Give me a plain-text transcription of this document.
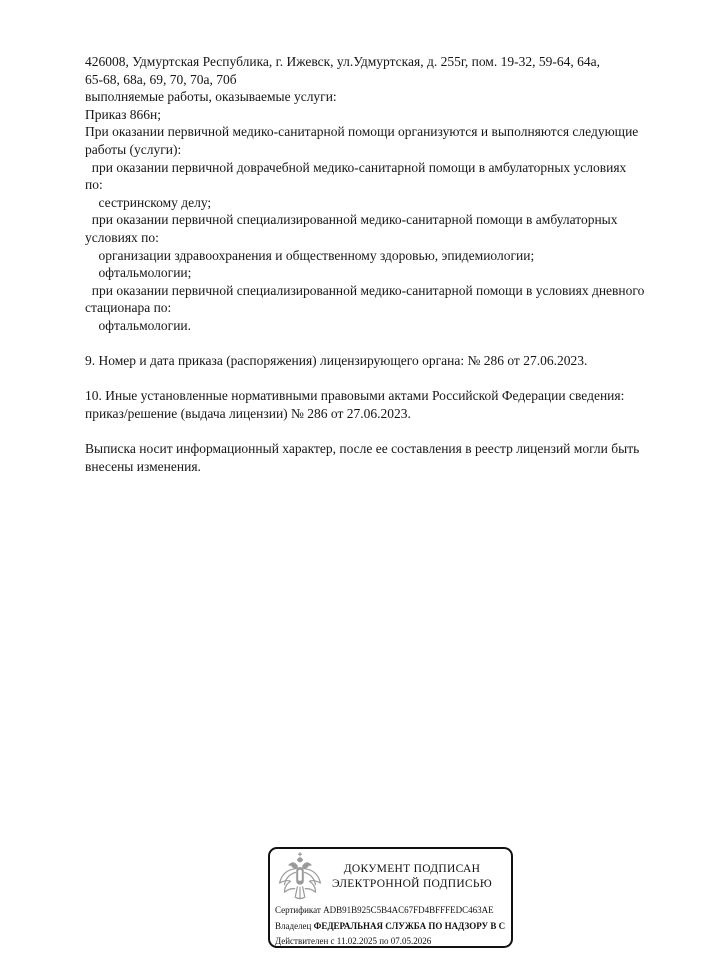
426008, Удмуртская Республика, г. Ижевск, ул.Удмуртская, д. 255г, пом. 19-32, 59-64, 64а,
65-68, 68а, 69, 70, 70а, 70б
выполняемые работы, оказываемые услуги:
Приказ 866н;
При оказании первичной медико-санитарной помощи организуются и выполняются следующие
работы (услуги):
при оказании первичной доврачебной медико-санитарной помощи в амбулаторных условиях
по:
сестринскому делу;
при оказании первичной специализированной медико-санитарной помощи в амбулаторных
условиях по:
организации здравоохранения и общественному здоровью, эпидемиологии;
офтальмологии;
при оказании первичной специализированной медико-санитарной помощи в условиях дневного
стационара по:
офтальмологии.
9. Номер и дата приказа (распоряжения) лицензирующего органа: № 286 от 27.06.2023.
10. Иные установленные нормативными правовыми актами Российской Федерации сведения:
приказ/решение (выдача лицензии) № 286 от 27.06.2023.
Выписка носит информационный характер, после ее составления в реестр лицензий могли быть
внесены изменения.
ДОКУМЕНТ ПОДПИСАН
ЭЛЕКТРОННОЙ ПОДПИСЬЮ
Сертификат ADB91B925C5B4AC67FD4BFFFEDC463AE
Владелец ФЕДЕРАЛЬНАЯ СЛУЖБА ПО НАДЗОРУ В С
Действителен с 11.02.2025 по 07.05.2026
